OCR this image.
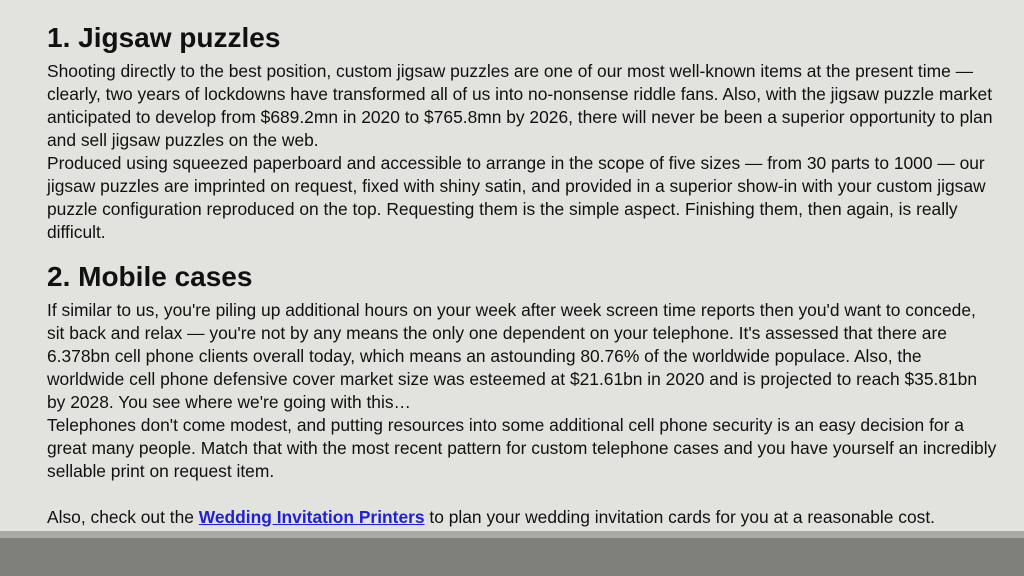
1. Jigsaw puzzles

Shooting directly to the best position, custom jigsaw puzzles are one of our most well-known items at the present time — clearly, two years of lockdowns have transformed all of us into no-nonsense riddle fans. Also, with the jigsaw puzzle market anticipated to develop from $689.2mn in 2020 to $765.8mn by 2026, there will never be been a superior opportunity to plan and sell jigsaw puzzles on the web.

Produced using squeezed paperboard and accessible to arrange in the scope of five sizes — from 30 parts to 1000 — our jigsaw puzzles are imprinted on request, fixed with shiny satin, and provided in a superior show-in with your custom jigsaw puzzle configuration reproduced on the top. Requesting them is the simple aspect. Finishing them, then again, is really difficult.

2. Mobile cases

If similar to us, you're piling up additional hours on your week after week screen time reports then you'd want to concede, sit back and relax — you're not by any means the only one dependent on your telephone. It's assessed that there are 6.378bn cell phone clients overall today, which means an astounding 80.76% of the worldwide populace. Also, the worldwide cell phone defensive cover market size was esteemed at $21.61bn in 2020 and is projected to reach $35.81bn by 2028. You see where we're going with this…

Telephones don't come modest, and putting resources into some additional cell phone security is an easy decision for a great many people. Match that with the most recent pattern for custom telephone cases and you have yourself an incredibly sellable print on request item.

Also, check out the Wedding Invitation Printers to plan your wedding invitation cards for you at a reasonable cost.
